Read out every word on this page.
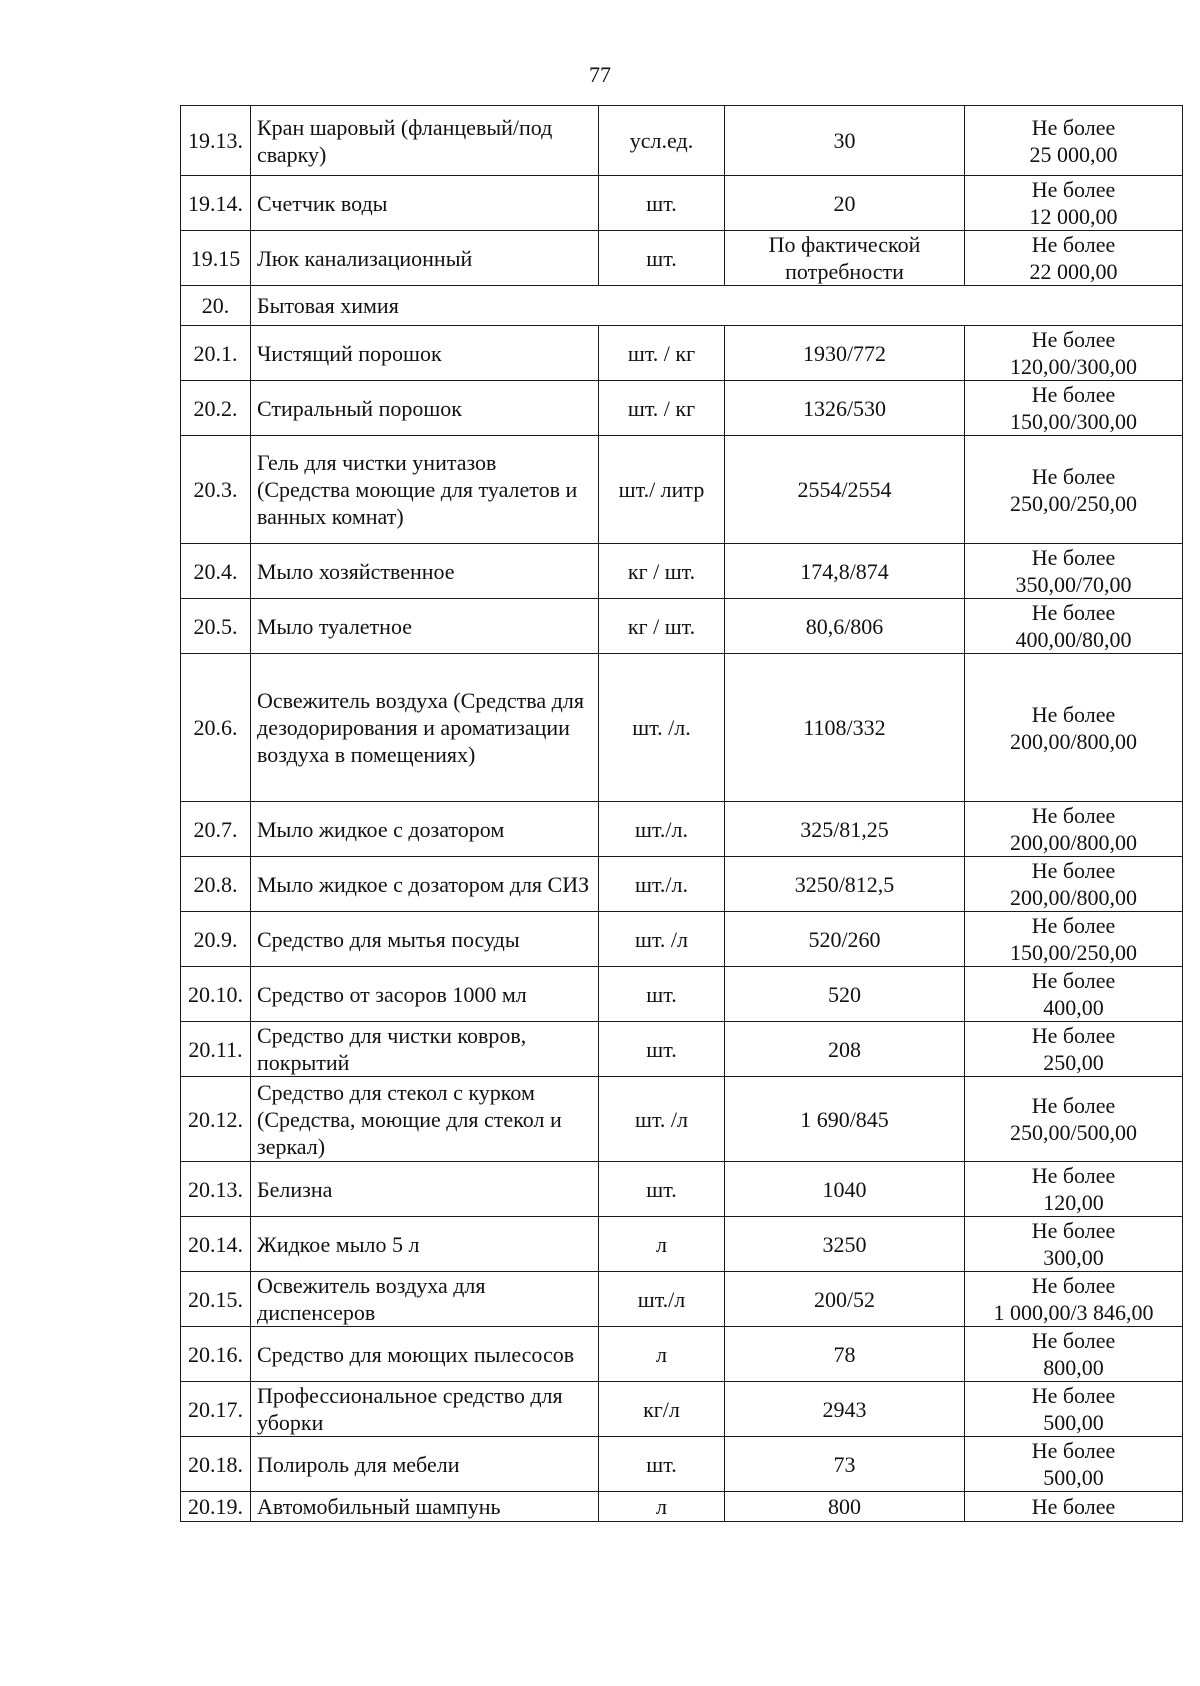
77
19.13.	Кран шаровый (фланцевый/под сварку)	усл.ед.	30	Не более
25 000,00

19.14.	Счетчик воды	шт.	20	Не более
12 000,00

19.15	Люк канализационный	шт.	По фактической потребности	Не более
22 000,00

20.	Бытовая химия			
20.1.	Чистящий порошок	шт. / кг	1930/772	Не более
120,00/300,00

20.2.	Стиральный порошок	шт. / кг	1326/530	Не более
150,00/300,00

20.3.	Гель для чистки унитазов (Средства моющие для туалетов и ванных комнат)	шт./ литр	2554/2554	Не более
250,00/250,00

20.4.	Мыло хозяйственное	кг / шт.	174,8/874	Не более
350,00/70,00

20.5.	Мыло туалетное	кг / шт.	80,6/806	Не более
400,00/80,00

20.6.	Освежитель воздуха (Средства для дезодорирования и ароматизации воздуха в помещениях)	шт. /л.	1108/332	Не более
200,00/800,00

20.7.	Мыло жидкое с дозатором	шт./л.	325/81,25	Не более
200,00/800,00

20.8.	Мыло жидкое с дозатором для СИЗ	шт./л.	3250/812,5	Не более
200,00/800,00

20.9.	Средство для мытья посуды	шт. /л	520/260	Не более
150,00/250,00

20.10.	Средство от засоров 1000 мл	шт.	520	Не более
400,00

20.11.	Средство для чистки ковров, покрытий	шт.	208	Не более
250,00

20.12.	Средство для стекол с курком (Средства, моющие для стекол и зеркал)	шт. /л	1 690/845	Не более
250,00/500,00

20.13.	Белизна	шт.	1040	Не более
120,00

20.14.	Жидкое мыло 5 л	л	3250	Не более
300,00

20.15.	Освежитель воздуха для диспенсеров	шт./л	200/52	Не более
1 000,00/3 846,00

20.16.	Средство для моющих пылесосов	л	78	Не более
800,00

20.17.	Профессиональное средство для уборки	кг/л	2943	Не более
500,00

20.18.	Полироль для мебели	шт.	73	Не более
500,00

20.19.	Автомобильный шампунь	л	800	Не более
